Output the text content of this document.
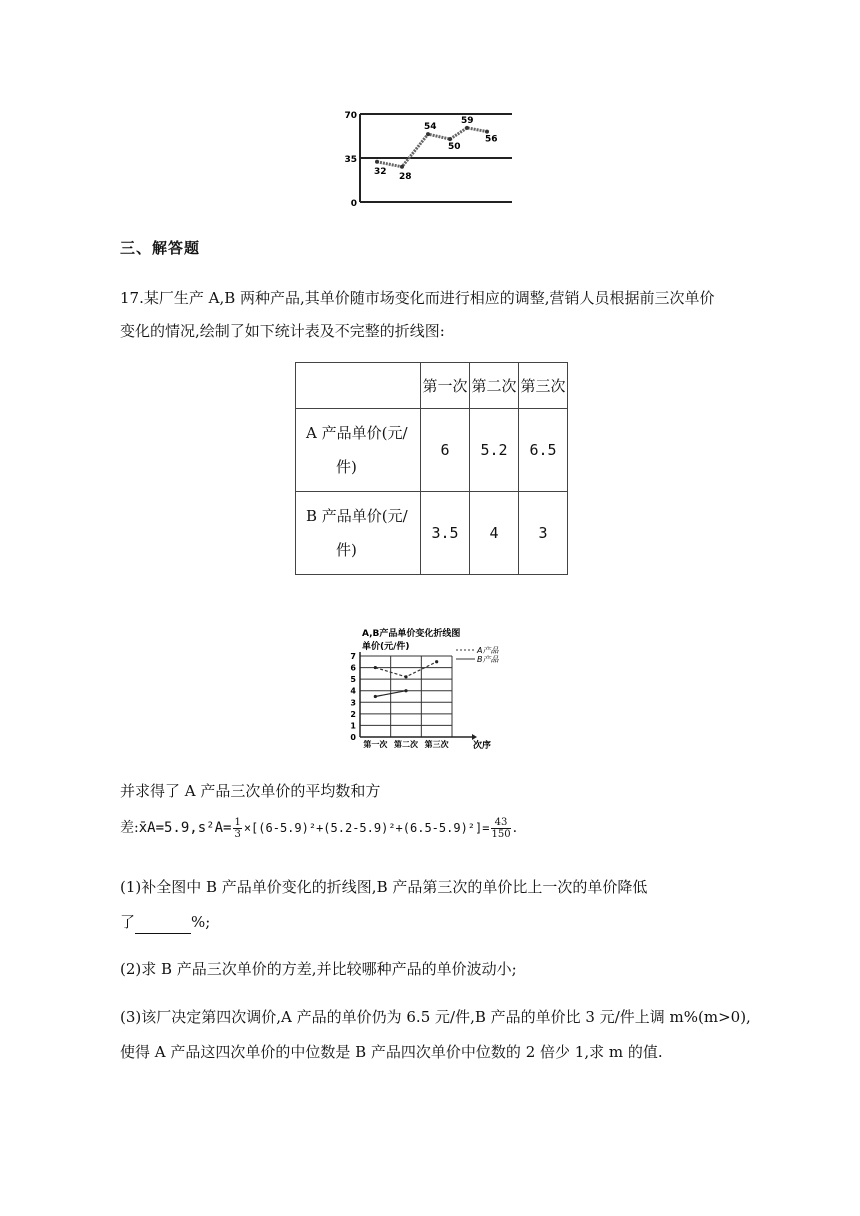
0
35
70
32
28
54
50
59
56
三、解答题
17.某厂生产 A,B 两种产品,其单价随市场变化而进行相应的调整,营销人员根据前三次单价
变化的情况,绘制了如下统计表及不完整的折线图:
	第一次	第二次	第三次

A 产品单价(元/
件)	6	5.2	6.5

B 产品单价(元/
件)	3.5	4	3
A,B产品单价变化折线图
单价(元/件)	A产品
B产品
0
1
2
3
4
5
6
7
第一次 第二次 第三次	次序
并求得了 A 产品三次单价的平均数和方
差:x̄A=5.9,s²A= $\frac{1}{3} \times[(6-5.9)^2+(5.2-5.9)^2+(6.5-5.9)^2]= \frac{43}{150}$ .
(1)补全图中 B 产品单价变化的折线图,B 产品第三次的单价比上一次的单价降低
了	%;
(2)求 B 产品三次单价的方差,并比较哪种产品的单价波动小;
(3)该厂决定第四次调价,A 产品的单价仍为 6.5 元/件,B 产品的单价比 3 元/件上调 m%(m>0),
使得 A 产品这四次单价的中位数是 B 产品四次单价中位数的 2 倍少 1,求 m 的值.
